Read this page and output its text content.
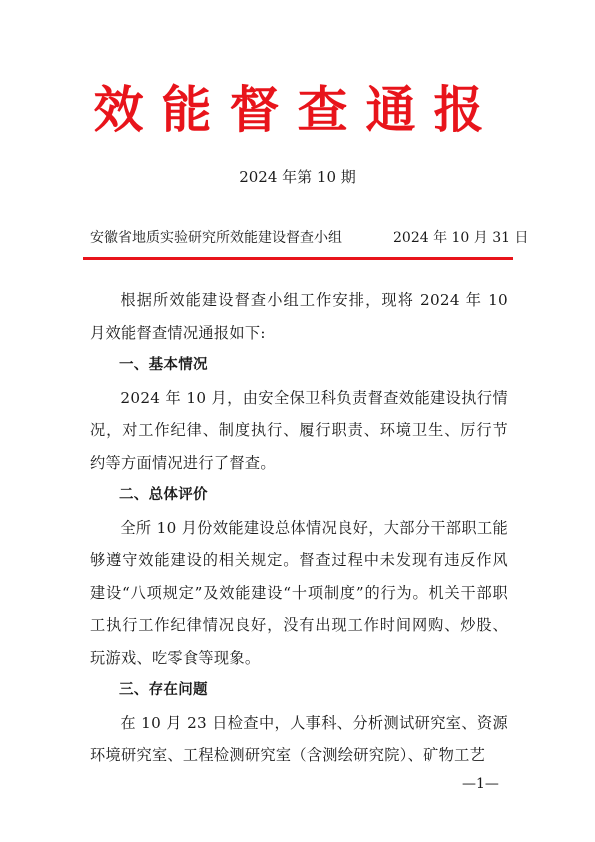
效能督查通报
2024 年第 10 期
安徽省地质实验研究所效能建设督查小组	2024 年 10 月 31 日

根据所效能建设督查小组工作安排，现将 2024 年 10 月效能督查情况通报如下:

一、基本情况

2024 年 10 月，由安全保卫科负责督查效能建设执行情况，对工作纪律、制度执行、履行职责、环境卫生、厉行节约等方面情况进行了督查。

二、总体评价

全所 10 月份效能建设总体情况良好，大部分干部职工能够遵守效能建设的相关规定。督查过程中未发现有违反作风建设“八项规定”及效能建设“十项制度”的行为。机关干部职工执行工作纪律情况良好，没有出现工作时间网购、炒股、玩游戏、吃零食等现象。

三、存在问题

在 10 月 23 日检查中，人事科、分析测试研究室、资源环境研究室、工程检测研究室（含测绘研究院）、矿物工艺

—1—
